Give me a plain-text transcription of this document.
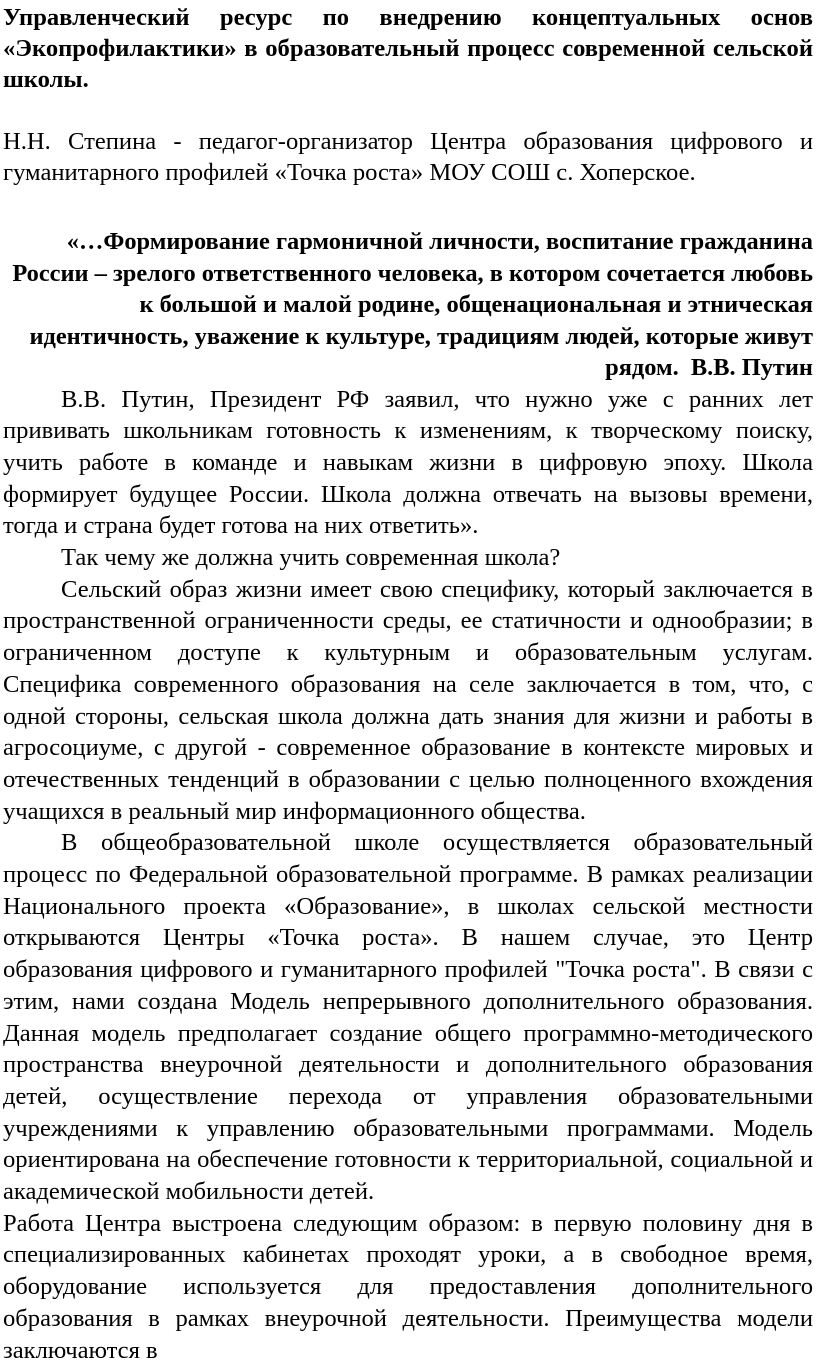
Управленческий ресурс по внедрению концептуальных основ «Экопрофилактики» в образовательный процесс современной сельской школы.

Н.Н. Степина - педагог-организатор Центра образования цифрового и гуманитарного профилей «Точка роста» МОУ СОШ с. Хоперское.

«…Формирование гармоничной личности, воспитание гражданина России – зрелого ответственного человека, в котором сочетается любовь к большой и малой родине, общенациональная и этническая идентичность, уважение к культуре, традициям людей, которые живут рядом. В.В. Путин

В.В. Путин, Президент РФ заявил, что нужно уже с ранних лет прививать школьникам готовность к изменениям, к творческому поиску, учить работе в команде и навыкам жизни в цифровую эпоху. Школа формирует будущее России. Школа должна отвечать на вызовы времени, тогда и страна будет готова на них ответить».

Так чему же должна учить современная школа?

Сельский образ жизни имеет свою специфику, который заключается в пространственной ограниченности среды, ее статичности и однообразии; в ограниченном доступе к культурным и образовательным услугам. Специфика современного образования на селе заключается в том, что, с одной стороны, сельская школа должна дать знания для жизни и работы в агросоциуме, с другой - современное образование в контексте мировых и отечественных тенденций в образовании с целью полноценного вхождения учащихся в реальный мир информационного общества.

В общеобразовательной школе осуществляется образовательный процесс по Федеральной образовательной программе. В рамках реализации Национального проекта «Образование», в школах сельской местности открываются Центры «Точка роста». В нашем случае, это Центр образования цифрового и гуманитарного профилей "Точка роста". В связи с этим, нами создана Модель непрерывного дополнительного образования. Данная модель предполагает создание общего программно-методического пространства внеурочной деятельности и дополнительного образования детей, осуществление перехода от управления образовательными учреждениями к управлению образовательными программами. Модель ориентирована на обеспечение готовности к территориальной, социальной и академической мобильности детей.

Работа Центра выстроена следующим образом: в первую половину дня в специализированных кабинетах проходят уроки, а в свободное время, оборудование используется для предоставления дополнительного образования в рамках внеурочной деятельности. Преимущества модели заключаются в
